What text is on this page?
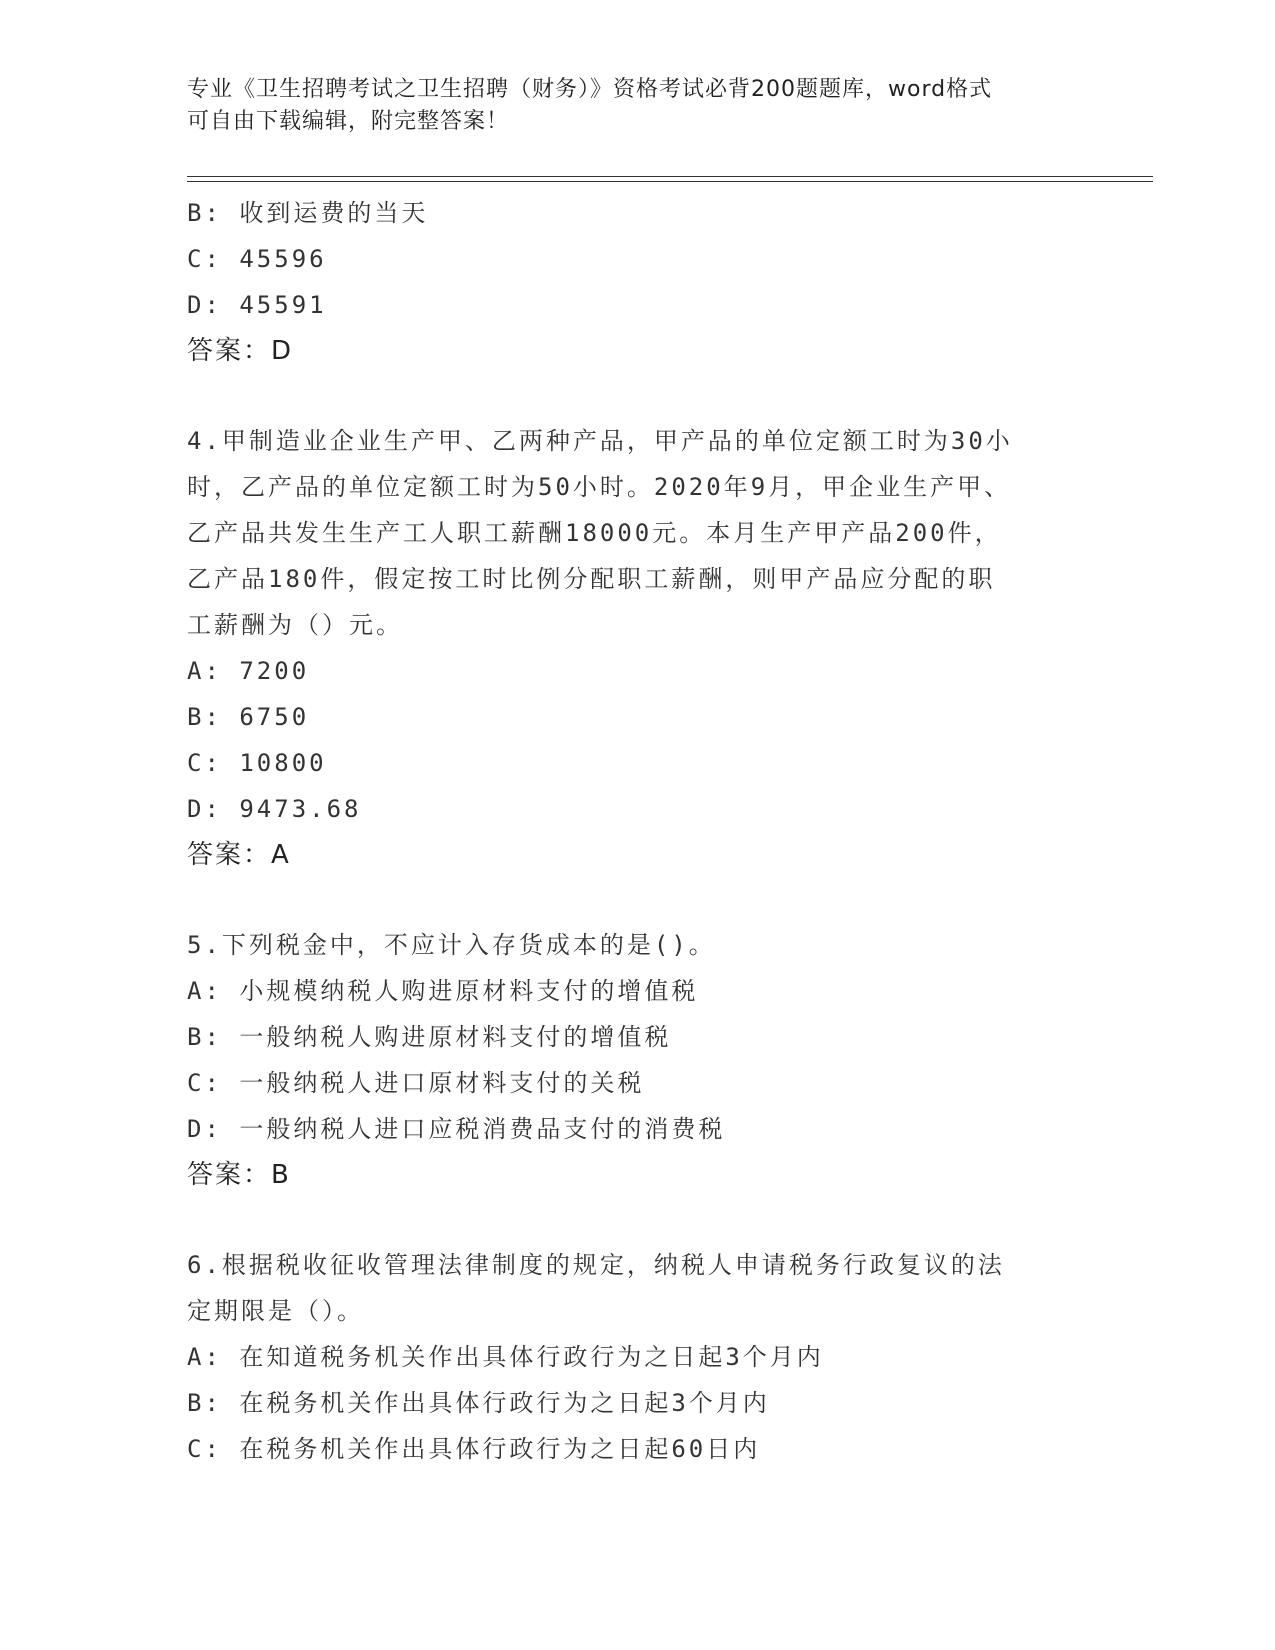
专业《卫生招聘考试之卫生招聘（财务）》资格考试必背200题题库，word格式
可自由下载编辑，附完整答案！
B: 收到运费的当天
C: 45596
D: 45591
答案：D
4.甲制造业企业生产甲、乙两种产品，甲产品的单位定额工时为30小
时，乙产品的单位定额工时为50小时。2020年9月，甲企业生产甲、
乙产品共发生生产工人职工薪酬18000元。本月生产甲产品200件，
乙产品180件，假定按工时比例分配职工薪酬，则甲产品应分配的职
工薪酬为（）元。
A: 7200
B: 6750
C: 10800
D: 9473.68
答案：A
5.下列税金中，不应计入存货成本的是()。
A: 小规模纳税人购进原材料支付的增值税
B: 一般纳税人购进原材料支付的增值税
C: 一般纳税人进口原材料支付的关税
D: 一般纳税人进口应税消费品支付的消费税
答案：B
6.根据税收征收管理法律制度的规定，纳税人申请税务行政复议的法
定期限是（）。
A: 在知道税务机关作出具体行政行为之日起3个月内
B: 在税务机关作出具体行政行为之日起3个月内
C: 在税务机关作出具体行政行为之日起60日内
